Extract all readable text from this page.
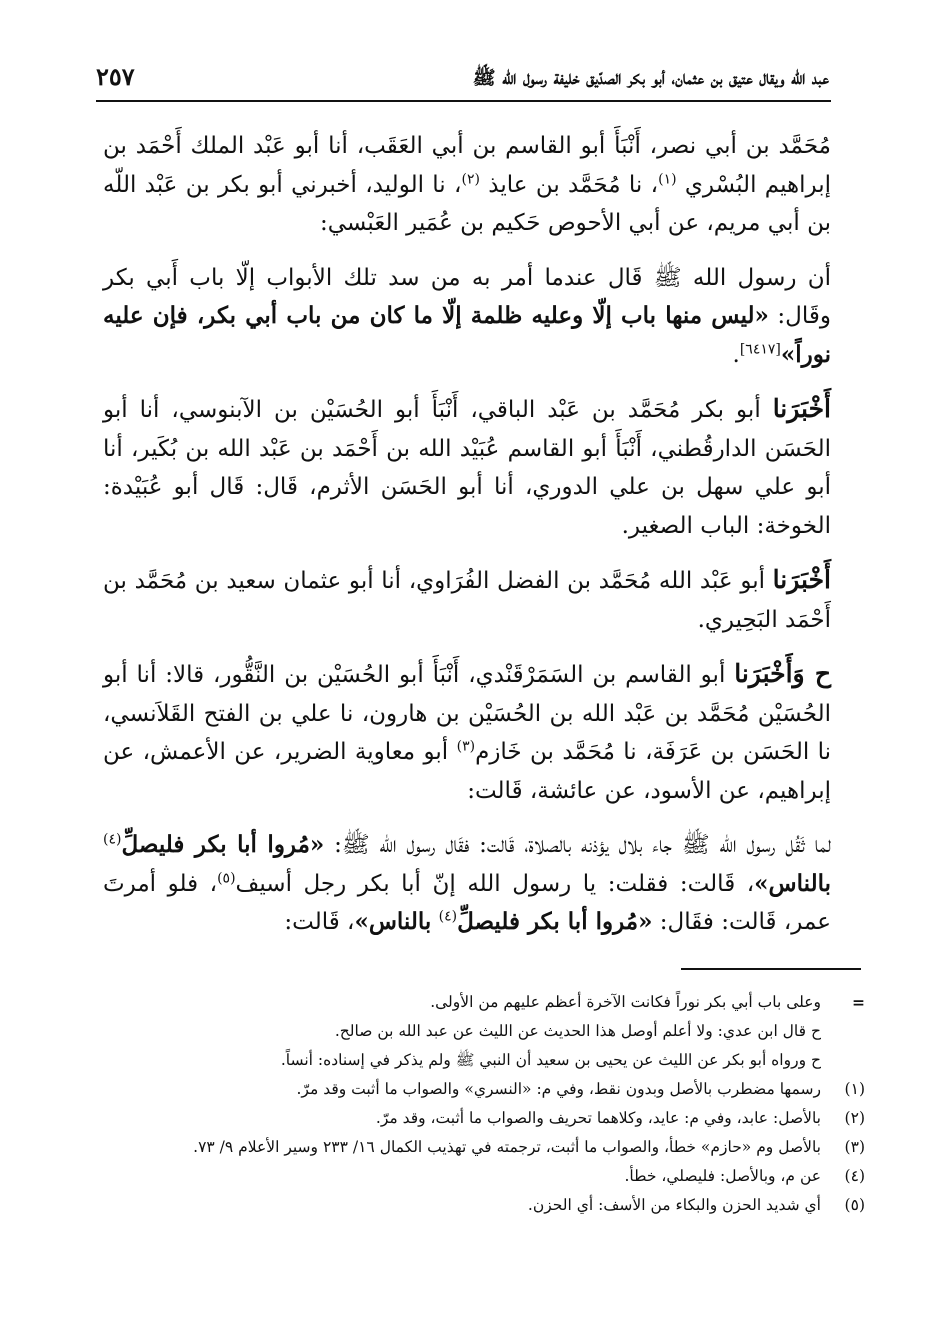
عبد الله ويقال عتيق بن عثمان، أبو بكر الصدّيق خليفة رسول الله ﷺ
٢٥٧

مُحَمَّد بن أبي نصر، أَنْبَأَ أبو القاسم بن أبي العَقَب، أنا أبو عَبْد الملك أَحْمَد بن إبراهيم البُسْري $^{(١)}$، نا مُحَمَّد بن عايذ $^{(٢)}$، نا الوليد، أخبرني أبو بكر بن عَبْد اللّه بن أبي مريم، عن أبي الأحوص حَكيم بن عُمَير العَبْسي:

أن رسول الله ﷺ قَال عندما أمر به من سد تلك الأبواب إلّا باب أَبي بكر وقَال: «ليس منها باب إلّا وعليه ظلمة إلّا ما كان من باب أبي بكر، فإن عليه نوراً»[٦٤١٧].

أَخْبَرَنا أبو بكر مُحَمَّد بن عَبْد الباقي، أَنْبَأَ أبو الحُسَيْن بن الآبنوسي، أنا أبو الحَسَن الدارقُطني، أَنْبَأَ أبو القاسم عُبَيْد الله بن أَحْمَد بن عَبْد الله بن بُكَير، أنا أبو علي سهل بن علي الدوري، أنا أبو الحَسَن الأثرم، قَال: قَال أبو عُبَيْدة: الخوخة: الباب الصغير.

أَخْبَرَنا أبو عَبْد الله مُحَمَّد بن الفضل الفُرَاوي، أنا أبو عثمان سعيد بن مُحَمَّد بن أَحْمَد البَحِيري.

ح وَأَخْبَرَنا أبو القاسم بن السَمَرْقَنْدي، أَنْبَأَ أبو الحُسَيْن بن النَّقُّور، قالا: أنا أبو الحُسَيْن مُحَمَّد بن عَبْد الله بن الحُسَيْن بن هارون، نا علي بن الفتح القَلاَنسي، نا الحَسَن بن عَرَفَة، نا مُحَمَّد بن خَازم$^{(٣)}$ أبو معاوية الضرير، عن الأعمش، عن إبراهيم، عن الأسود، عن عائشة، قَالت:

لما ثَقُل رسول الله ﷺ جاء بلال يؤذنه بالصلاة، قَالت: فقَال رسول الله ﷺ: «مُروا أبا بكر فليصلِّ$^{(٤)}$ بالناس»، قَالت: فقلت: يا رسول الله إنّ أبا بكر رجل أسيف$^{(٥)}$، فلو أمرتَ عمر، قَالت: فقَال: «مُروا أبا بكر فليصلِّ$^{(٤)}$ بالناس»، قَالت:

=
وعلى باب أبي بكر نوراً فكانت الآخرة أعظم عليهم من الأولى.
ح قال ابن عدي: ولا أعلم أوصل هذا الحديث عن الليث عن عبد الله بن صالح.
ح ورواه أبو بكر عن الليث عن يحيى بن سعيد أن النبي ﷺ ولم يذكر في إسناده: أنساً.
(١)
رسمها مضطرب بالأصل وبدون نقط، وفي م: «النسري» والصواب ما أثبت وقد مرّ.
(٢)
بالأصل: عابد، وفي م: عايد، وكلاهما تحريف والصواب ما أثبت، وقد مرّ.
(٣)
بالأصل وم «حازم» خطأ، والصواب ما أثبت، ترجمته في تهذيب الكمال ١٦/ ٢٣٣ وسير الأعلام ٩/ ٧٣.
(٤)
عن م، وبالأصل: فليصلي، خطأ.
(٥)
أي شديد الحزن والبكاء من الأسف: أي الحزن.
